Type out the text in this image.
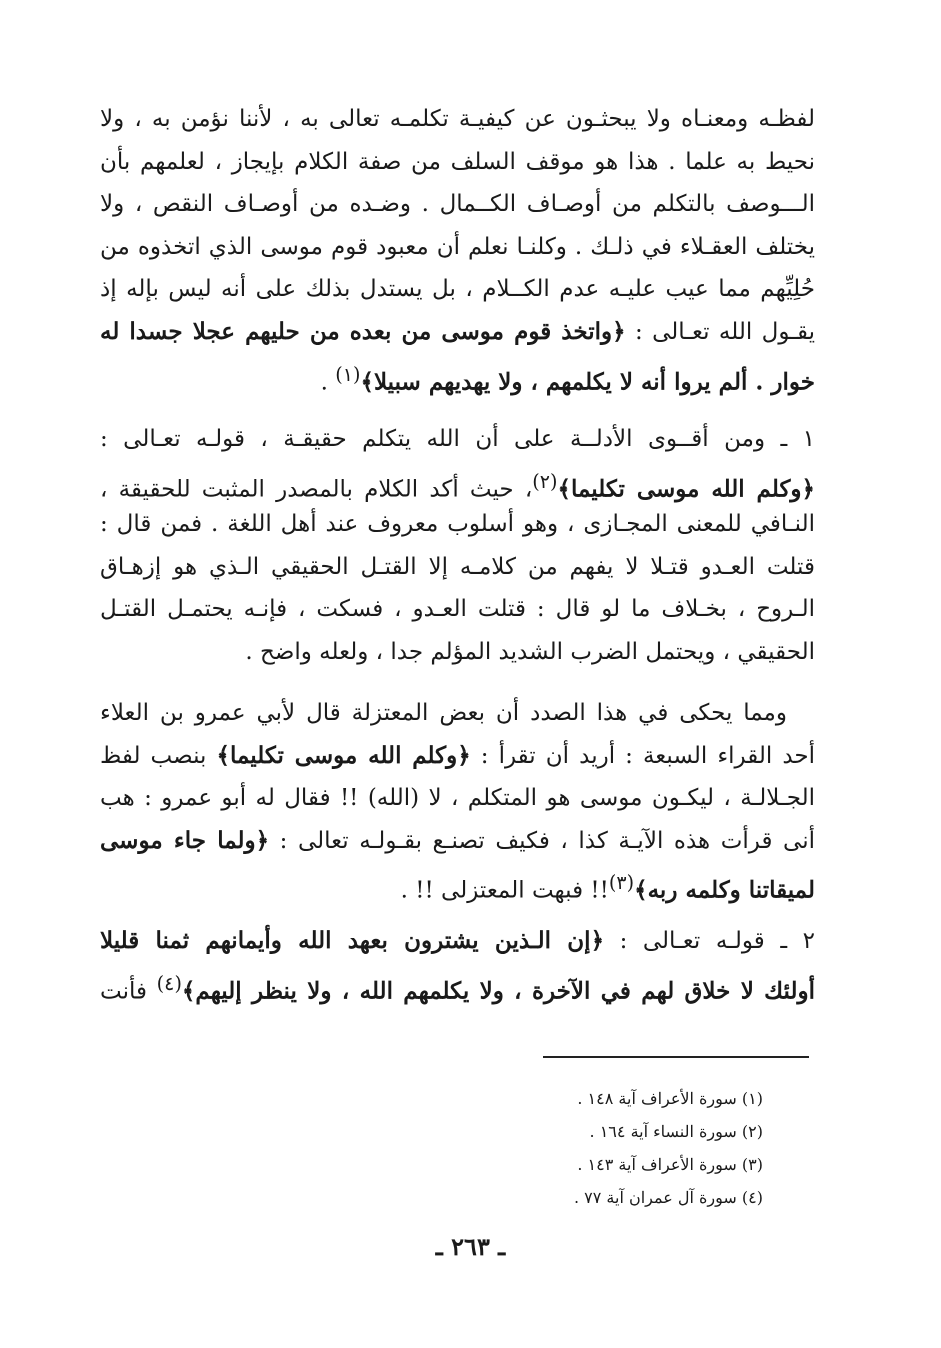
لفظـه ومعنـاه ولا يبحثـون عن كيفيـة تكلمـه تعالى به ، لأننا نؤمن به ، ولا
نحيط به علما . هذا هو موقف السلف من صفة الكلام بإيجاز ، لعلمهم بأن
الـــوصف بالتكلم من أوصـاف الكــمال . وضـده من أوصـاف النقص ، ولا
يختلف العقـلاء في ذلـك . وكلنـا نعلم أن معبود قوم موسى الذي اتخذوه من
حُلِيِّهم مما عيب عليـه عدم الكــلام ، بل يستدل بذلك على أنه ليس بإله إذ
يقـول الله تعـالى : ﴿واتخذ قوم موسى من بعده من حليهم عجلا جسدا له
خوار . ألم يروا أنه لا يكلمهم ، ولا يهديهم سبيلا﴾$^{(١)}$ .
١ ـ ومن أقــوى الأدلــة على أن الله يتكلم حقيقـة ، قولـه تعـالى :
﴿وكلم الله موسى تكليما﴾$^{(٢)}$، حيث أكد الكلام بالمصدر المثبت للحقيقة ،
النـافي للمعنى المجـازى ، وهو أسلوب معروف عند أهل اللغة . فمن قال :
قتلت العـدو قتـلا لا يفهم من كلامـه إلا القتـل الحقيقي الـذي هو إزهـاق
الـروح ، بخـلاف ما لو قال : قتلت العـدو ، فسكت ، فإنـه يحتمـل القتـل
الحقيقي ، ويحتمل الضرب الشديد المؤلم جدا ، ولعله واضح .
ومما يحكى في هذا الصدد أن بعض المعتزلة قال لأبي عمرو بن العلاء
أحد القراء السبعة : أريد أن تقرأ : ﴿وكلم الله موسى تكليما﴾ بنصب لفظ
الجـلالـة ، ليكـون موسى هو المتكلم ، لا (الله) !! فقال له أبو عمرو : هب
أنى قرأت هذه الآيـة كذا ، فكيف تصنـع بقـولـه تعالى : ﴿ولما جاء موسى
لميقاتنا وكلمه ربه﴾$^{(٣)}$!! فبهت المعتزلى !! .
٢ ـ قولـه تعـالى : ﴿إن الـذين يشترون بعهد الله وأيمانهم ثمنا قليلا
أولئك لا خلاق لهم في الآخرة ، ولا يكلمهم الله ، ولا ينظر إليهم﴾$^{(٤)}$ فأنت
(١) سورة الأعراف آية ١٤٨ .
(٢) سورة النساء آية ١٦٤ .
(٣) سورة الأعراف آية ١٤٣ .
(٤) سورة آل عمران آية ٧٧ .
ـ ٢٦٣ ـ
